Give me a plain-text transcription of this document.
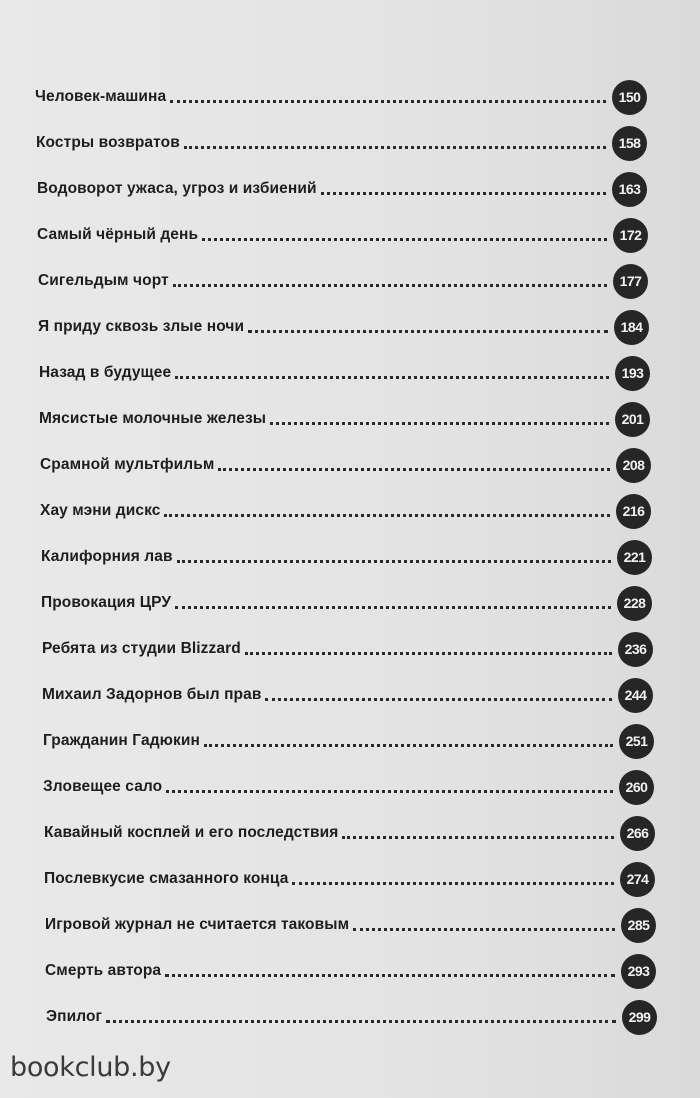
Человек-машина	150
Костры возвратов	158
Водоворот ужаса, угроз и избиений	163
Самый чёрный день	172
Сигельдым чорт	177
Я приду сквозь злые ночи	184
Назад в будущее	193
Мясистые молочные железы	201
Срамной мультфильм	208
Хау мэни дискс	216
Калифорния лав	221
Провокация ЦРУ	228
Ребята из студии Blizzard	236
Михаил Задорнов был прав	244
Гражданин Гадюкин	251
Зловещее сало	260
Кавайный косплей и его последствия	266
Послевкусие смазанного конца	274
Игровой журнал не считается таковым	285
Смерть автора	293
Эпилог	299
bookclub.by
